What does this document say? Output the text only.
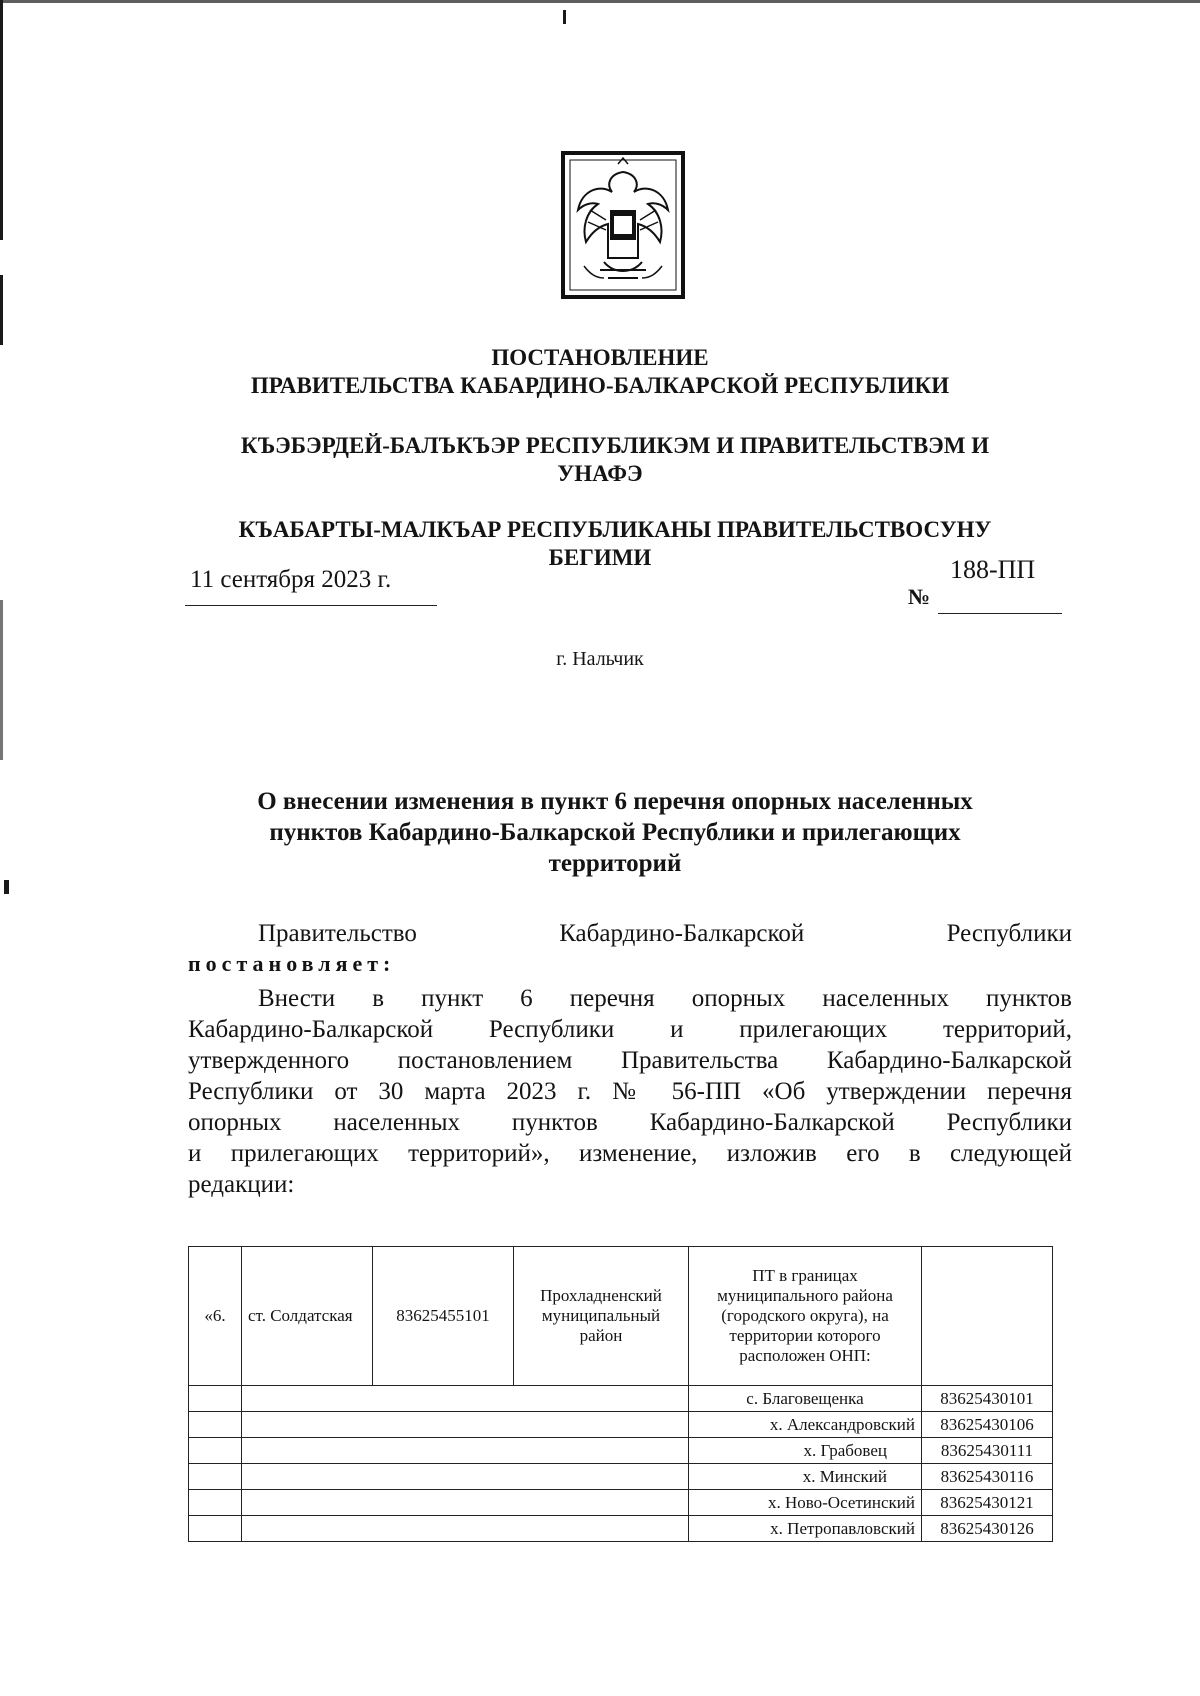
ПОСТАНОВЛЕНИЕ
ПРАВИТЕЛЬСТВА КАБАРДИНО-БАЛКАРСКОЙ РЕСПУБЛИКИ
КЪЭБЭРДЕЙ-БАЛЪКЪЭР РЕСПУБЛИКЭМ И ПРАВИТЕЛЬСТВЭМ И
УНАФЭ
КЪАБАРТЫ-МАЛКЪАР РЕСПУБЛИКАНЫ ПРАВИТЕЛЬСТВОСУНУ
БЕГИМИ
11 сентября 2023 г.
№
188-ПП
г. Нальчик
О внесении изменения в пункт 6 перечня опорных населенных
пунктов Кабардино-Балкарской Республики и прилегающих
территорий
Правительство	Кабардино-Балкарской	Республики
постановляет:
Внести в пункт 6 перечня опорных населенных пунктов
Кабардино-Балкарской Республики и прилегающих территорий,
утвержденного постановлением Правительства Кабардино-Балкарской
Республики от 30 марта 2023 г. № 56-ПП «Об утверждении перечня
опорных населенных пунктов Кабардино-Балкарской Республики
и прилегающих территорий», изменение, изложив его в следующей
редакции:
«6.	ст. Солдатская	83625455101	Прохладненский муниципальный район	ПТ в границах муниципального района (городского округа), на территории которого расположен ОНП:	
				с. Благовещенка	83625430101
				х. Александровский	83625430106
				х. Грабовец	83625430111
				х. Минский	83625430116
				х. Ново-Осетинский	83625430121
				х. Петропавловский	83625430126
